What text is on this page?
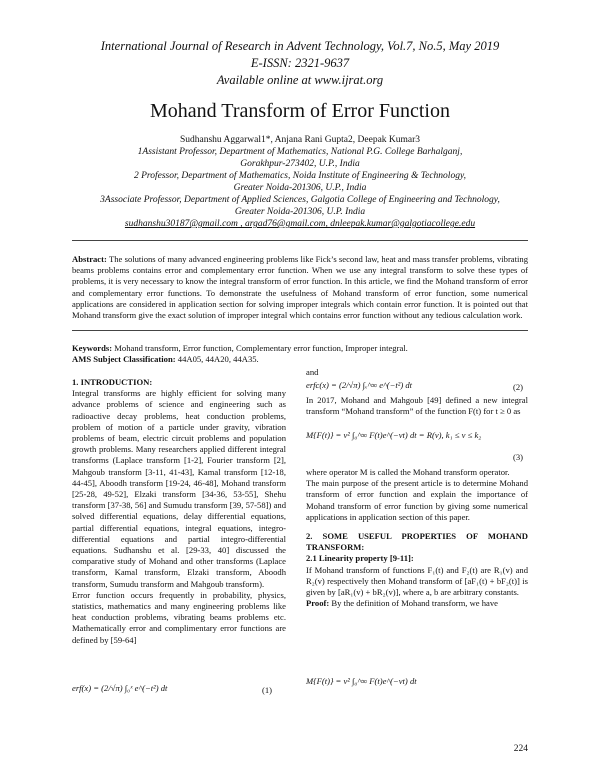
International Journal of Research in Advent Technology, Vol.7, No.5, May 2019
E-ISSN: 2321-9637
Available online at www.ijrat.org
Mohand Transform of Error Function
Sudhanshu Aggarwal1*, Anjana Rani Gupta2, Deepak Kumar3
1Assistant Professor, Department of Mathematics, National P.G. College Barhalganj,
Gorakhpur-273402, U.P., India
2 Professor, Department of Mathematics, Noida Institute of Engineering & Technology,
Greater Noida-201306, U.P., India
3Associate Professor, Department of Applied Sciences, Galgotia College of Engineering and Technology,
Greater Noida-201306, U.P. India
sudhanshu30187@gmail.com , argad76@gmail.com, dnleepak.kumar@galgotiacollege.edu
Abstract: The solutions of many advanced engineering problems like Fick’s second law, heat and mass transfer problems, vibrating beams problems contains error and complementary error function. When we use any integral transform to solve these types of problems, it is very necessary to know the integral transform of error function. In this article, we find the Mohand transform of error and complementary error functions. To demonstrate the usefulness of Mohand transform of error function, some numerical applications are considered in application section for solving improper integrals which contain error function. It is pointed out that Mohand transform give the exact solution of improper integral which contains error function without any tedious calculation work.
Keywords: Mohand transform, Error function, Complementary error function, Improper integral.
AMS Subject Classification: 44A05, 44A20, 44A35.

1. INTRODUCTION:

Integral transforms are highly efficient for solving many advance problems of science and engineering such as radioactive decay problems, heat conduction problems, problem of motion of a particle under gravity, vibration problems of beam, electric circuit problems and population growth problems. Many researchers applied different integral transforms (Laplace transform [1-2], Fourier transform [2], Mahgoub transform [3-11, 41-43], Kamal transform [12-18, 44-45], Aboodh transform [19-24, 46-48], Mohand transform [25-28, 49-52], Elzaki transform [34-36, 53-55], Shehu transform [37-38, 56] and Sumudu transform [39, 57-58]) and solved differential equations, delay differential equations, partial differential equations, integral equations, integro-differential equations and partial integro-differential equations. Sudhanshu et al. [29-33, 40] discussed the comparative study of Mohand and other transforms (Laplace transform, Kamal transform, Elzaki transform, Aboodh transform, Sumudu transform and Mahgoub transform).

Error function occurs frequently in probability, physics, statistics, mathematics and many engineering problems like heat conduction problems, vibrating beams problems etc. Mathematically error and complimentary error functions are defined by [59-64]

erf(x) = (2/√π) ∫₀ˣ e^(−t²) dt	(1)
and
erfc(x) = (2/√π) ∫ₓ^∞ e^(−t²) dt	(2)
In 2017, Mohand and Mahgoub [49] defined a new integral transform “Mohand transform” of the function F(t) for t ≥ 0 as
M{F(t)} = v² ∫₀^∞ F(t)e^(−vt) dt = R(v), k₁ ≤ v ≤ k₂
(3)

where operator M is called the Mohand transform operator.

The main purpose of the present article is to determine Mohand transform of error function and explain the importance of Mohand transform of error function by giving some numerical applications in application section of this paper.

2. SOME USEFUL PROPERTIES OF MOHAND TRANSFORM:

2.1 Linearity property [9-11]:

If Mohand transform of functions F₁(t) and F₂(t) are R₁(v) and R₂(v) respectively then Mohand transform of [aF₁(t) + bF₂(t)] is given by [aR₁(v) + bR₂(v)], where a, b are arbitrary constants.

Proof: By the definition of Mohand transform, we have

M{F(t)} = v² ∫₀^∞ F(t)e^(−vt) dt
224
